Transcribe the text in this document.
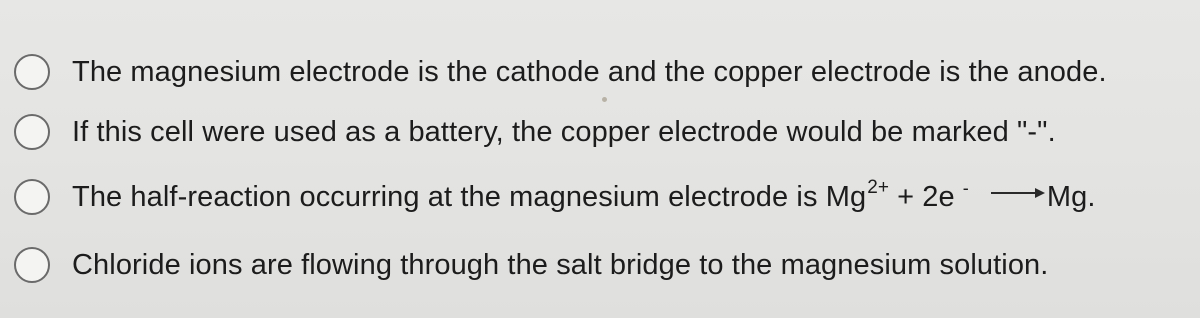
The magnesium electrode is the cathode and the copper electrode is the anode.
If this cell were used as a battery, the copper electrode would be marked "-".
The half-reaction occurring at the magnesium electrode is Mg 2+ + 2e -	Mg.
Chloride ions are flowing through the salt bridge to the magnesium solution.
